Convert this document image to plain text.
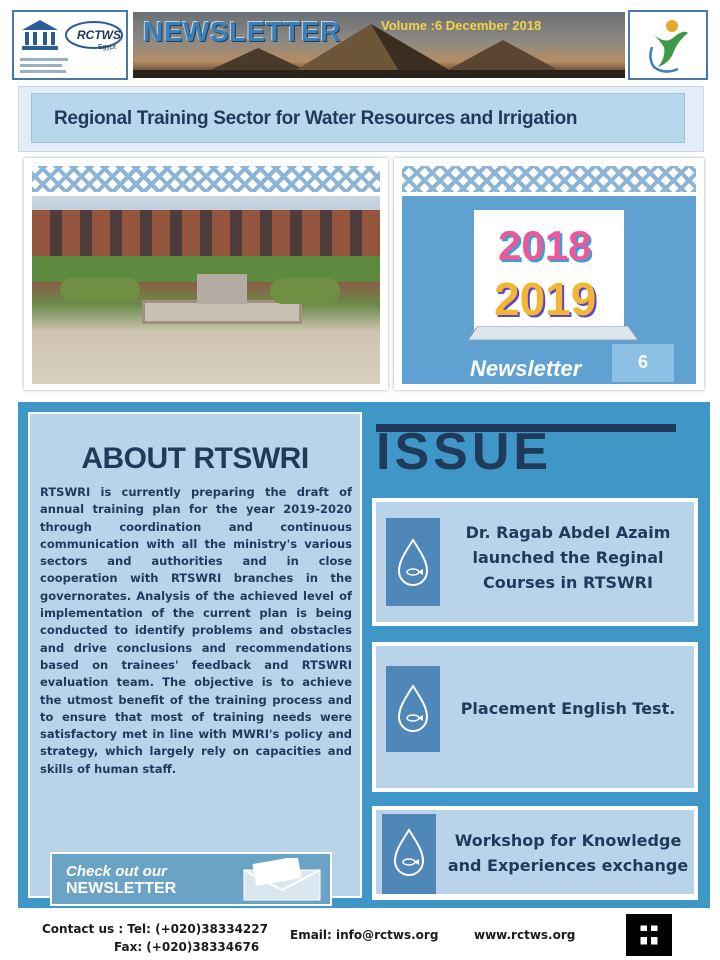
RCTWS
Egypt
NEWSLETTER	Volume :6 December 2018
Regional Training Sector for Water Resources and Irrigation
2018
2019
Newsletter	6
ABOUT RTSWRI

RTSWRI is currently preparing the draft of annual training plan for the year 2019-2020 through coordination and continuous communication with all the ministry's various sectors and authorities and in close cooperation with RTSWRI branches in the governorates. Analysis of the achieved level of implementation of the current plan is being conducted to identify problems and obstacles and drive conclusions and recommendations based on trainees' feedback and RTSWRI evaluation team. The objective is to achieve the utmost benefit of the training process and to ensure that most of training needs were satisfactory met in line with MWRI's policy and strategy, which largely rely on capacities and skills of human staff.

Check out our
NEWSLETTER
ISSUE
Dr. Ragab Abdel Azaim launched the Reginal Courses in RTSWRI
Placement English Test.
Workshop for Knowledge and Experiences exchange
Contact us : Tel: (+020)38334227
Fax: (+020)38334676
Email: info@rctws.org	www.rctws.org
